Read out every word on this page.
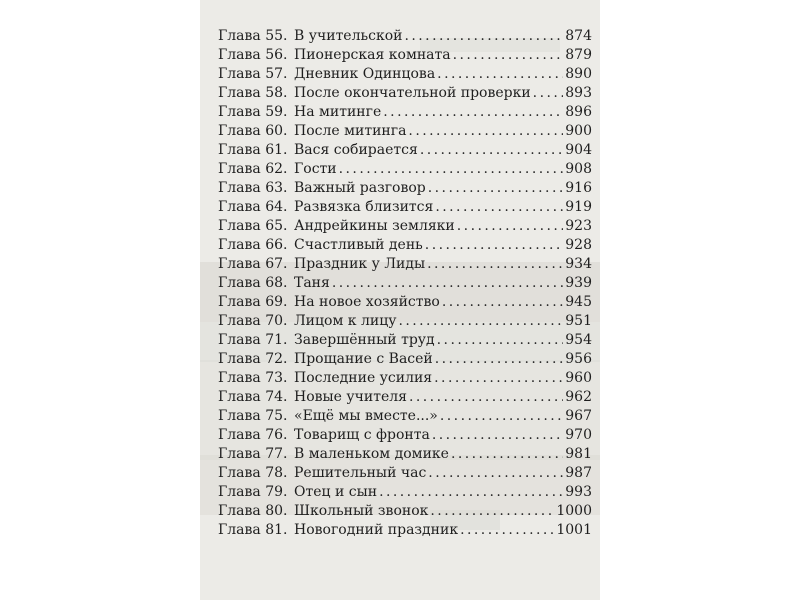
Глава 55. В учительской . . .	874
Глава 56. Пионерская комната . . .	879
Глава 57. Дневник Одинцова . . .	890
Глава 58. После окончательной проверки . . . 893
Глава 59. На митинге . . .	896
Глава 60. После митинга . . .	900
Глава 61. Вася собирается . . .	904
Глава 62. Гости . . .	908
Глава 63. Важный разговор . . .	916
Глава 64. Развязка близится . . .	919
Глава 65. Андрейкины земляки . . .	923
Глава 66. Счастливый день . . .	928
Глава 67. Праздник у Лиды . . .	934
Глава 68. Таня . . .	939
Глава 69. На новое хозяйство . . .	945
Глава 70. Лицом к лицу . . .	951
Глава 71. Завершённый труд . . .	954
Глава 72. Прощание с Васей . . .	956
Глава 73. Последние усилия . . .	960
Глава 74. Новые учителя . . .	962
Глава 75. «Ещё мы вместе...» . . .	967
Глава 76. Товарищ с фронта . . .	970
Глава 77. В маленьком домике . . .	981
Глава 78. Решительный час . . .	987
Глава 79. Отец и сын . . .	993
Глава 80. Школьный звонок . . .	1000
Глава 81. Новогодний праздник . . .	1001
